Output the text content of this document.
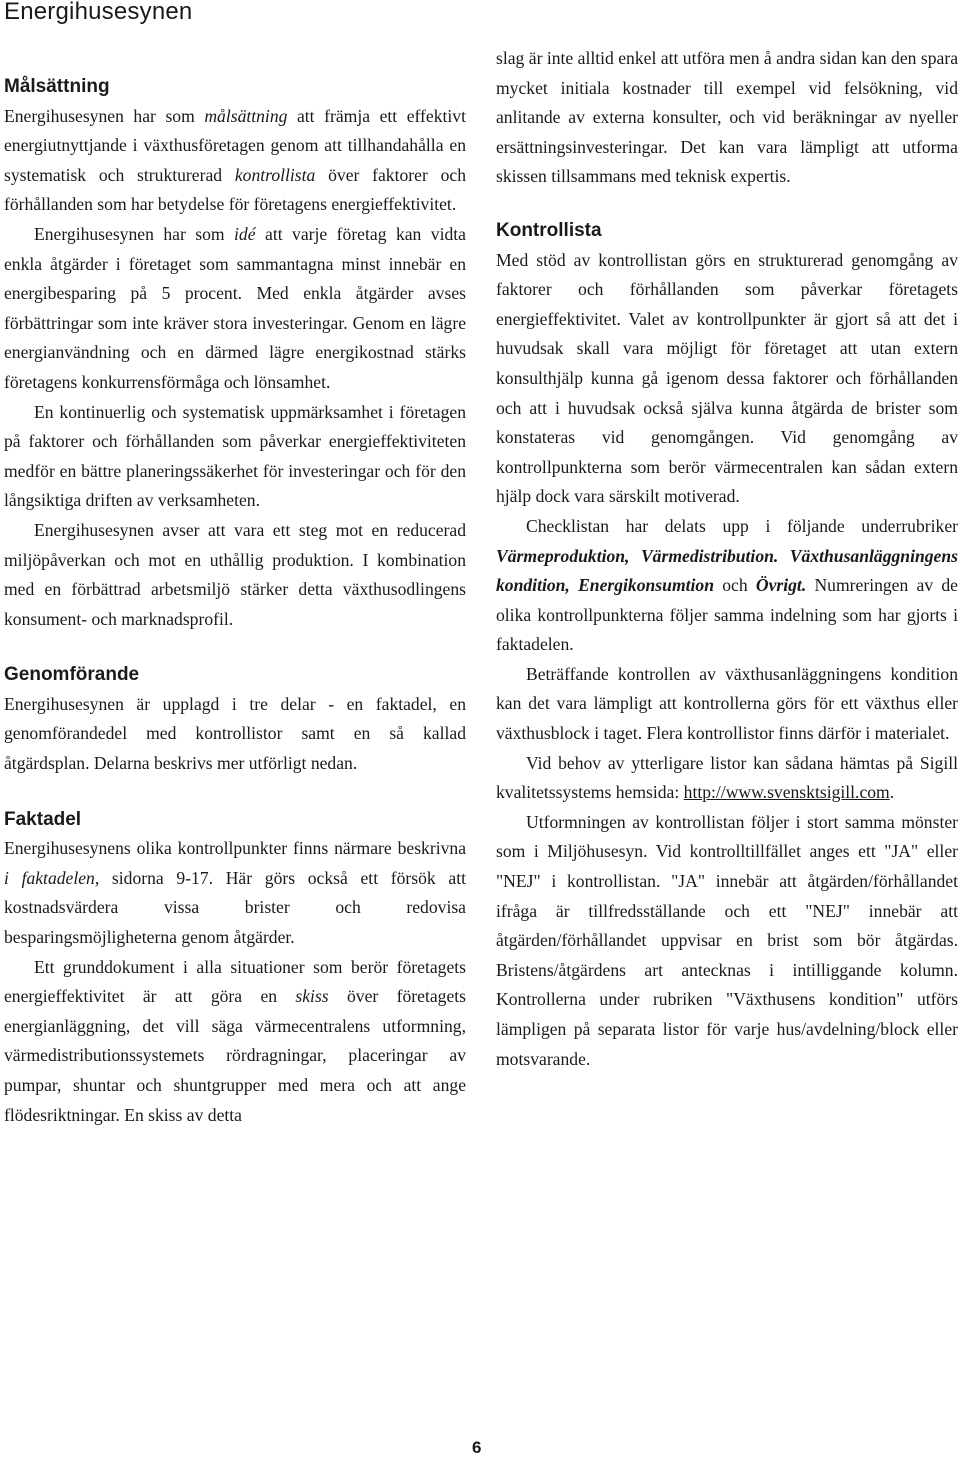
Energihusesynen
Målsättning

Energihusesynen har som målsättning att främja ett effektivt energiutnyttjande i växthusföretagen genom att tillhandahålla en systematisk och strukturerad kontrollista över faktorer och förhållanden som har betydelse för företagens energieffektivitet.

Energihusesynen har som idé att varje företag kan vidta enkla åtgärder i företaget som sammantagna minst innebär en energibesparing på 5 procent. Med enkla åtgärder avses förbättringar som inte kräver stora investeringar. Genom en lägre energianvändning och en därmed lägre energikostnad stärks företagens konkurrensförmåga och lönsamhet.

En kontinuerlig och systematisk uppmärksamhet i företagen på faktorer och förhållanden som påverkar energieffektiviteten medför en bättre planeringssäkerhet för investeringar och för den långsiktiga driften av verksamheten.

Energihusesynen avser att vara ett steg mot en reducerad miljöpåverkan och mot en uthållig produktion. I kombination med en förbättrad arbetsmiljö stärker detta växthusodlingens konsument- och marknadsprofil.

Genomförande

Energihusesynen är upplagd i tre delar - en faktadel, en genomförandedel med kontrollistor samt en så kallad åtgärdsplan. Delarna beskrivs mer utförligt nedan.

Faktadel

Energihusesynens olika kontrollpunkter finns närmare beskrivna i faktadelen, sidorna 9-17. Här görs också ett försök att kostnadsvärdera vissa brister och redovisa besparingsmöjligheterna genom åtgärder.

Ett grunddokument i alla situationer som berör företagets energieffektivitet är att göra en skiss över företagets energianläggning, det vill säga värmecentralens utformning, värmedistributionssystemets rördragningar, placeringar av pumpar, shuntar och shuntgrupper med mera och att ange flödesriktningar. En skiss av detta

slag är inte alltid enkel att utföra men å andra sidan kan den spara mycket initiala kostnader till exempel vid felsökning, vid anlitande av externa konsulter, och vid beräkningar av nyeller ersättningsinvesteringar. Det kan vara lämpligt att utforma skissen tillsammans med teknisk expertis.

Kontrollista

Med stöd av kontrollistan görs en strukturerad genomgång av faktorer och förhållanden som påverkar företagets energieffektivitet. Valet av kontrollpunkter är gjort så att det i huvudsak skall vara möjligt för företaget att utan extern konsulthjälp kunna gå igenom dessa faktorer och förhållanden och att i huvudsak också själva kunna åtgärda de brister som konstateras vid genomgången. Vid genomgång av kontrollpunkterna som berör värmecentralen kan sådan extern hjälp dock vara särskilt motiverad.

Checklistan har delats upp i följande underrubriker Värmeproduktion, Värmedistribution. Växthusanläggningens kondition, Energikonsumtion och Övrigt. Numreringen av de olika kontrollpunkterna följer samma indelning som har gjorts i faktadelen.

Beträffande kontrollen av växthusanläggningens kondition kan det vara lämpligt att kontrollerna görs för ett växthus eller växthusblock i taget. Flera kontrollistor finns därför i materialet.

Vid behov av ytterligare listor kan sådana hämtas på Sigill kvalitetssystems hemsida: http://www.svensktsigill.com.

Utformningen av kontrollistan följer i stort samma mönster som i Miljöhusesyn. Vid kontrolltillfället anges ett "JA" eller "NEJ" i kontrollistan. "JA" innebär att åtgärden/förhållandet ifråga är tillfredsställande och ett "NEJ" innebär att åtgärden/förhållandet uppvisar en brist som bör åtgärdas. Bristens/åtgärdens art antecknas i intilliggande kolumn. Kontrollerna under rubriken "Växthusens kondition" utförs lämpligen på separata listor för varje hus/avdelning/block eller motsvarande.

6
